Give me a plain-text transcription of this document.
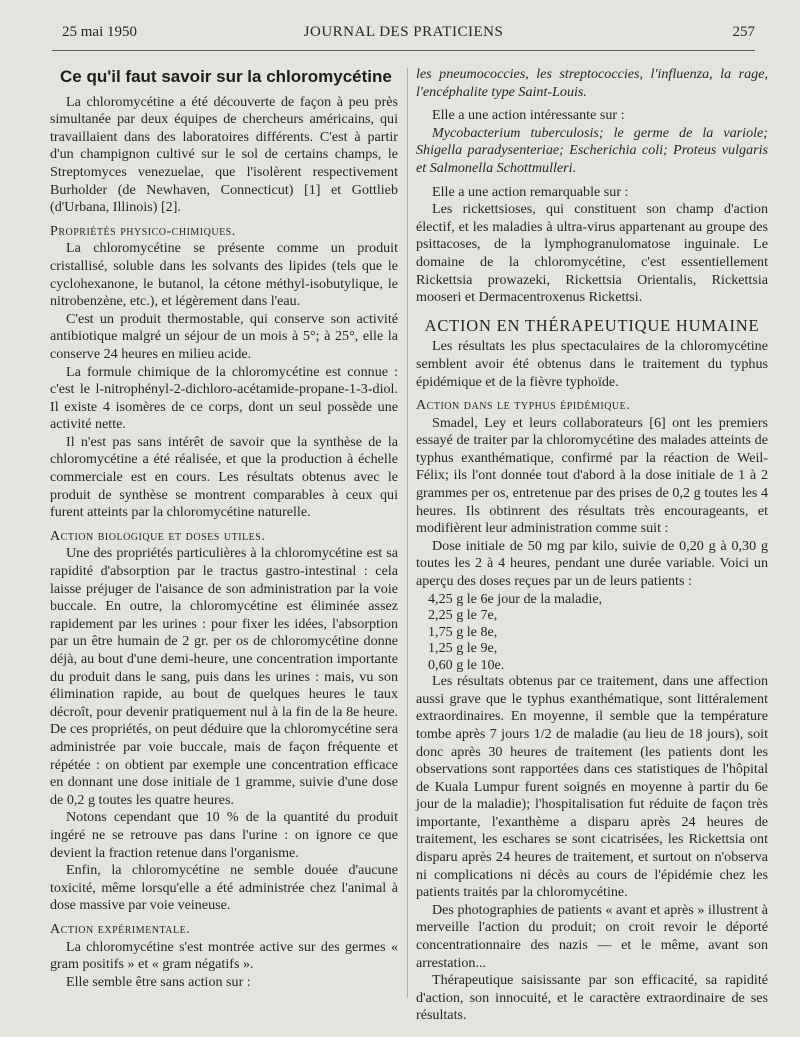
25 mai 1950	JOURNAL DES PRATICIENS	257
Ce qu'il faut savoir sur la chloromycétine

La chloromycétine a été découverte de façon à peu près simultanée par deux équipes de chercheurs américains, qui travaillaient dans des laboratoires différents. C'est à partir d'un champignon cultivé sur le sol de certains champs, le Streptomyces venezuelae, que l'isolèrent respectivement Burholder (de Newhaven, Connecticut) [1] et Gottlieb (d'Urbana, Illinois) [2].

Propriétés physico-chimiques.

La chloromycétine se présente comme un produit cristallisé, soluble dans les solvants des lipides (tels que le cyclohexanone, le butanol, la cétone méthyl-isobutylique, le nitrobenzène, etc.), et légèrement dans l'eau.

C'est un produit thermostable, qui conserve son activité antibiotique malgré un séjour de un mois à 5°; à 25°, elle la conserve 24 heures en milieu acide.

La formule chimique de la chloromycétine est connue : c'est le l-nitrophényl-2-dichloro-acétamide-propane-1-3-diol. Il existe 4 isomères de ce corps, dont un seul possède une activité nette.

Il n'est pas sans intérêt de savoir que la synthèse de la chloromycétine a été réalisée, et que la production à échelle commerciale est en cours. Les résultats obtenus avec le produit de synthèse se montrent comparables à ceux qui furent atteints par la chloromycétine naturelle.

Action biologique et doses utiles.

Une des propriétés particulières à la chloromycétine est sa rapidité d'absorption par le tractus gastro-intestinal : cela laisse préjuger de l'aisance de son administration par la voie buccale. En outre, la chloromycétine est éliminée assez rapidement par les urines : pour fixer les idées, l'absorption par un être humain de 2 gr. per os de chloromycétine donne déjà, au bout d'une demi-heure, une concentration importante du produit dans le sang, puis dans les urines : mais, vu son élimination rapide, au bout de quelques heures le taux décroît, pour devenir pratiquement nul à la fin de la 8e heure. De ces propriétés, on peut déduire que la chloromycétine sera administrée par voie buccale, mais de façon fréquente et répétée : on obtient par exemple une concentration efficace en donnant une dose initiale de 1 gramme, suivie d'une dose de 0,2 g toutes les quatre heures.

Notons cependant que 10 % de la quantité du produit ingéré ne se retrouve pas dans l'urine : on ignore ce que devient la fraction retenue dans l'organisme.

Enfin, la chloromycétine ne semble douée d'aucune toxicité, même lorsqu'elle a été administrée chez l'animal à dose massive par voie veineuse.

Action expérimentale.

La chloromycétine s'est montrée active sur des germes « gram positifs » et « gram négatifs ».

Elle semble être sans action sur :

les pneumococcies, les streptococcies, l'influenza, la rage, l'encéphalite type Saint-Louis.

Elle a une action intéressante sur :

Mycobacterium tuberculosis; le germe de la variole; Shigella paradysenteriae; Escherichia coli; Proteus vulgaris et Salmonella Schottmulleri.

Elle a une action remarquable sur :

Les rickettsioses, qui constituent son champ d'action électif, et les maladies à ultra-virus appartenant au groupe des psittacoses, de la lymphogranulomatose inguinale. Le domaine de la chloromycétine, c'est essentiellement Rickettsia prowazeki, Rickettsia Orientalis, Rickettsia mooseri et Dermacentroxenus Rickettsi.

ACTION EN THÉRAPEUTIQUE HUMAINE

Les résultats les plus spectaculaires de la chloromycétine semblent avoir été obtenus dans le traitement du typhus épidémique et de la fièvre typhoïde.

Action dans le typhus épidémique.

Smadel, Ley et leurs collaborateurs [6] ont les premiers essayé de traiter par la chloromycétine des malades atteints de typhus exanthématique, confirmé par la réaction de Weil-Félix; ils l'ont donnée tout d'abord à la dose initiale de 1 à 2 grammes per os, entretenue par des prises de 0,2 g toutes les 4 heures. Ils obtinrent des résultats très encourageants, et modifièrent leur administration comme suit :

Dose initiale de 50 mg par kilo, suivie de 0,20 g à 0,30 g toutes les 2 à 4 heures, pendant une durée variable. Voici un aperçu des doses reçues par un de leurs patients :

4,25 g le 6e jour de la maladie,
2,25 g le 7e,
1,75 g le 8e,
1,25 g le 9e,
0,60 g le 10e.

Les résultats obtenus par ce traitement, dans une affection aussi grave que le typhus exanthématique, sont littéralement extraordinaires. En moyenne, il semble que la température tombe après 7 jours 1/2 de maladie (au lieu de 18 jours), soit donc après 30 heures de traitement (les patients dont les observations sont rapportées dans ces statistiques de l'hôpital de Kuala Lumpur furent soignés en moyenne à partir du 6e jour de la maladie); l'hospitalisation fut réduite de façon très importante, l'exanthème a disparu après 24 heures de traitement, les eschares se sont cicatrisées, les Rickettsia ont disparu après 24 heures de traitement, et surtout on n'observa ni complications ni décès au cours de l'épidémie chez les patients traités par la chloromycétine.

Des photographies de patients « avant et après » illustrent à merveille l'action du produit; on croit revoir le déporté concentrationnaire des nazis — et le même, avant son arrestation...

Thérapeutique saisissante par son efficacité, sa rapidité d'action, son innocuité, et le caractère extraordinaire de ses résultats.
